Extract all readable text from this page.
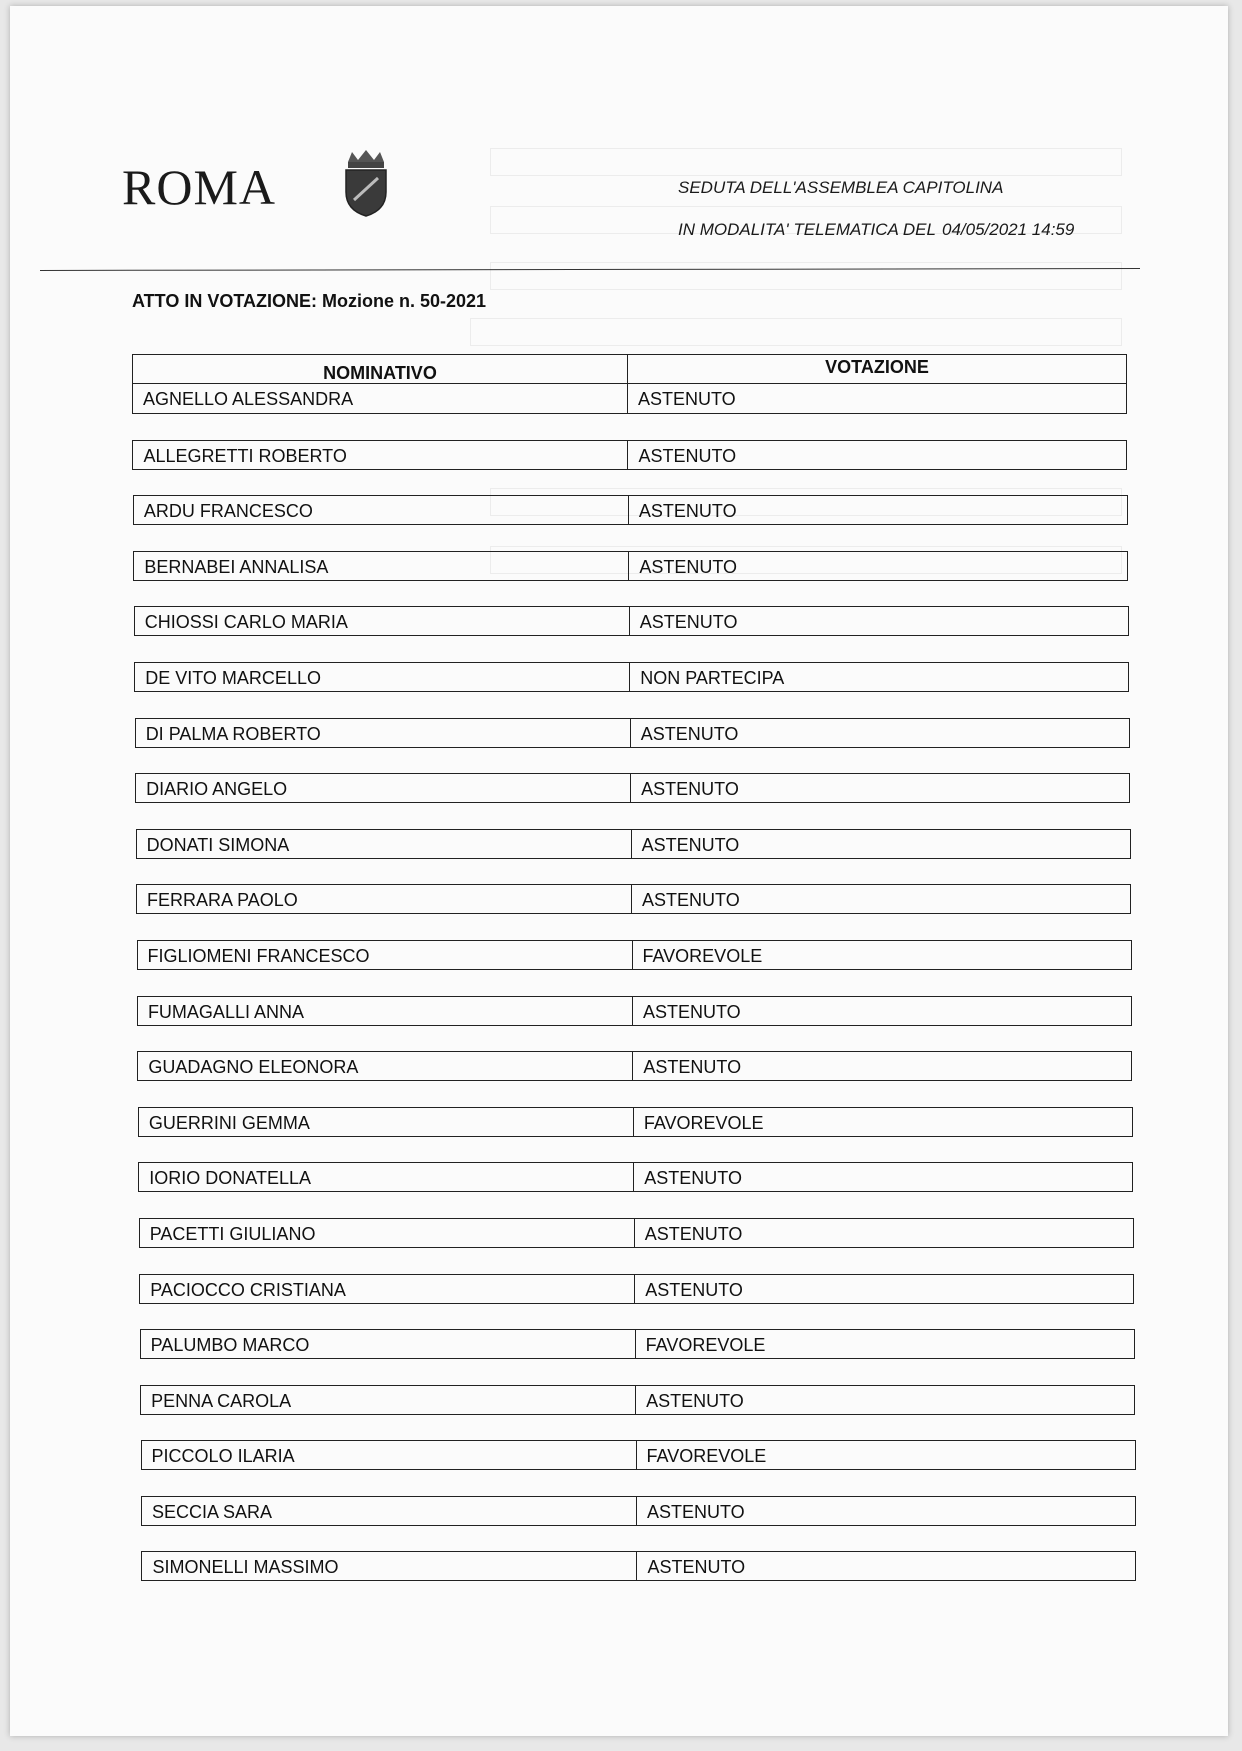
ROMA	SEDUTA DELL'ASSEMBLEA CAPITOLINA
IN MODALITA' TELEMATICA DEL 04/05/2021 14:59
ATTO IN VOTAZIONE: Mozione n. 50-2021
NOMINATIVO	VOTAZIONE
AGNELLO ALESSANDRA	ASTENUTO
ALLEGRETTI ROBERTO	ASTENUTO
ARDU FRANCESCO	ASTENUTO
BERNABEI ANNALISA	ASTENUTO
CHIOSSI CARLO MARIA	ASTENUTO
DE VITO MARCELLO	NON PARTECIPA
DI PALMA ROBERTO	ASTENUTO
DIARIO ANGELO	ASTENUTO
DONATI SIMONA	ASTENUTO
FERRARA PAOLO	ASTENUTO
FIGLIOMENI FRANCESCO	FAVOREVOLE
FUMAGALLI ANNA	ASTENUTO
GUADAGNO ELEONORA	ASTENUTO
GUERRINI GEMMA	FAVOREVOLE
IORIO DONATELLA	ASTENUTO
PACETTI GIULIANO	ASTENUTO
PACIOCCO CRISTIANA	ASTENUTO
PALUMBO MARCO	FAVOREVOLE
PENNA CAROLA	ASTENUTO
PICCOLO ILARIA	FAVOREVOLE
SECCIA SARA	ASTENUTO
SIMONELLI MASSIMO	ASTENUTO
